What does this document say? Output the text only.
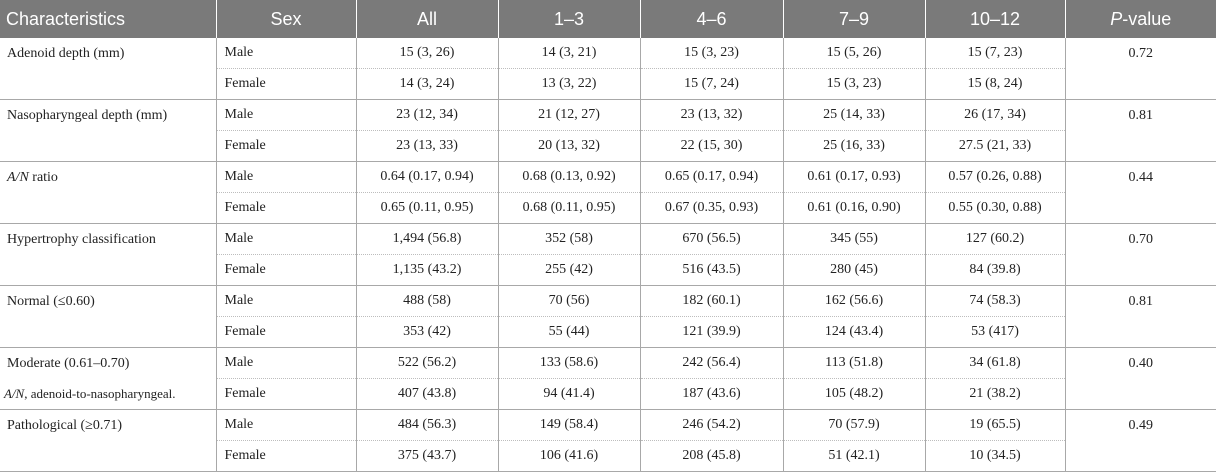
Characteristics	Sex	All	1–3	4–6	7–9	10–12	P-value
Adenoid depth (mm)	Male	15 (3, 26)	14 (3, 21)	15 (3, 23)	15 (5, 26)	15 (7, 23)	0.72
	Female	14 (3, 24)	13 (3, 22)	15 (7, 24)	15 (3, 23)	15 (8, 24)	
Nasopharyngeal depth (mm)	Male	23 (12, 34)	21 (12, 27)	23 (13, 32)	25 (14, 33)	26 (17, 34)	0.81
	Female	23 (13, 33)	20 (13, 32)	22 (15, 30)	25 (16, 33)	27.5 (21, 33)	
A/N ratio	Male	0.64 (0.17, 0.94)	0.68 (0.13, 0.92)	0.65 (0.17, 0.94)	0.61 (0.17, 0.93)	0.57 (0.26, 0.88)	0.44
	Female	0.65 (0.11, 0.95)	0.68 (0.11, 0.95)	0.67 (0.35, 0.93)	0.61 (0.16, 0.90)	0.55 (0.30, 0.88)	
Hypertrophy classification	Male	1,494 (56.8)	352 (58)	670 (56.5)	345 (55)	127 (60.2)	0.70
	Female	1,135 (43.2)	255 (42)	516 (43.5)	280 (45)	84 (39.8)	
Normal (≤0.60)	Male	488 (58)	70 (56)	182 (60.1)	162 (56.6)	74 (58.3)	0.81
	Female	353 (42)	55 (44)	121 (39.9)	124 (43.4)	53 (417)	
Moderate (0.61–0.70)	Male	522 (56.2)	133 (58.6)	242 (56.4)	113 (51.8)	34 (61.8)	0.40
	Female	407 (43.8)	94 (41.4)	187 (43.6)	105 (48.2)	21 (38.2)	
Pathological (≥0.71)	Male	484 (56.3)	149 (58.4)	246 (54.2)	70 (57.9)	19 (65.5)	0.49
	Female	375 (43.7)	106 (41.6)	208 (45.8)	51 (42.1)	10 (34.5)	
A/N, adenoid-to-nasopharyngeal.
